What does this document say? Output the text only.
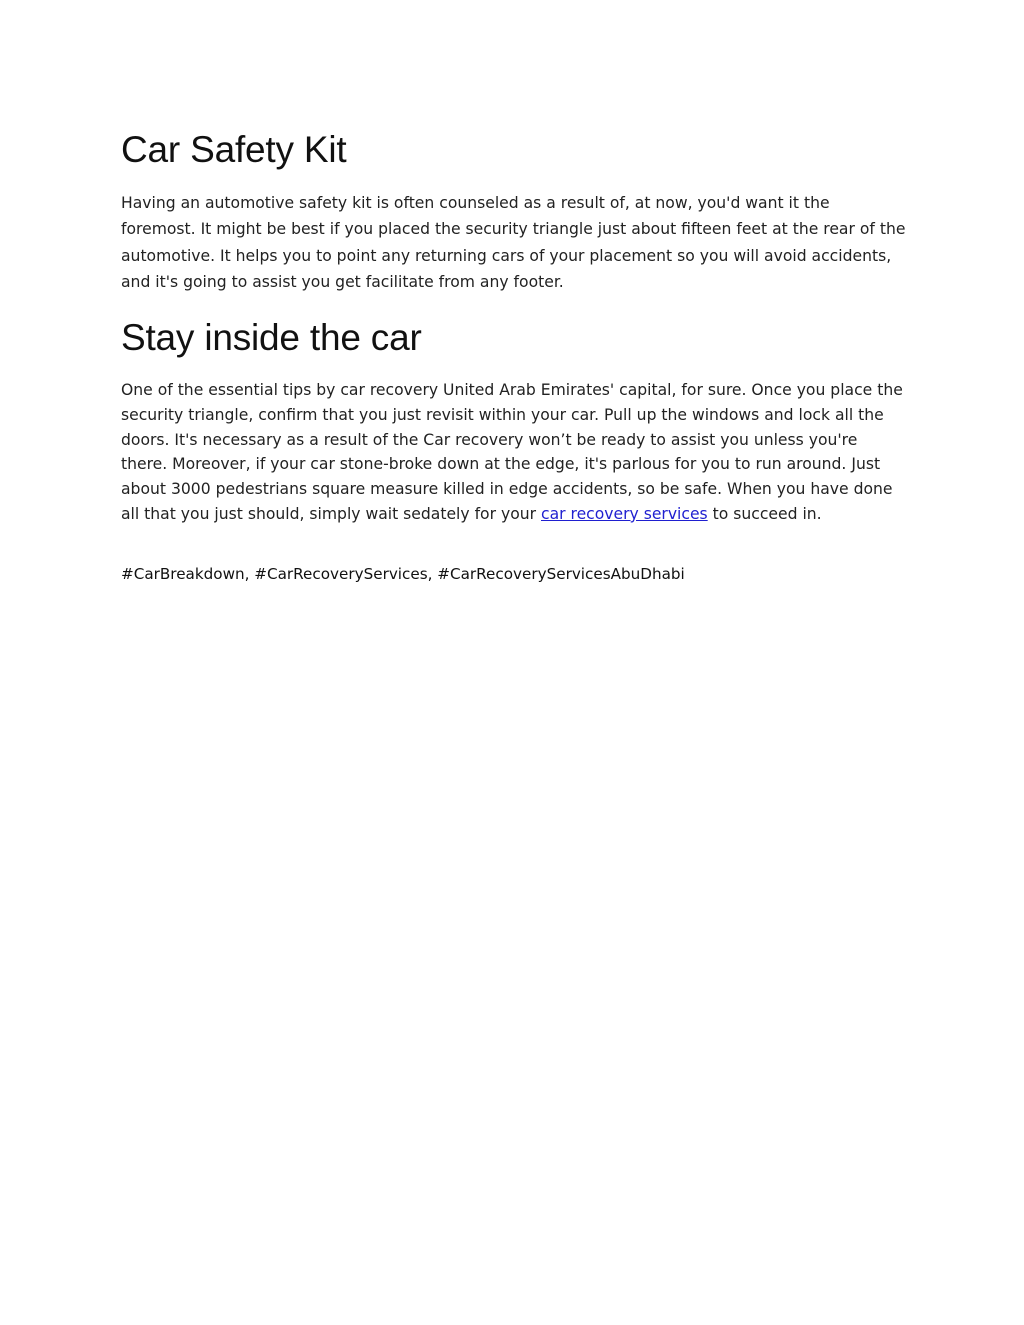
Car Safety Kit

Having an automotive safety kit is often counseled as a result of, at now, you'd want it the foremost. It might be best if you placed the security triangle just about fifteen feet at the rear of the automotive. It helps you to point any returning cars of your placement so you will avoid accidents, and it's going to assist you get facilitate from any footer.

Stay inside the car

One of the essential tips by car recovery United Arab Emirates' capital, for sure. Once you place the security triangle, confirm that you just revisit within your car. Pull up the windows and lock all the doors. It's necessary as a result of the Car recovery won’t be ready to assist you unless you're there. Moreover, if your car stone-broke down at the edge, it's parlous for you to run around. Just about 3000 pedestrians square measure killed in edge accidents, so be safe. When you have done all that you just should, simply wait sedately for your car recovery services to succeed in.

#CarBreakdown, #CarRecoveryServices, #CarRecoveryServicesAbuDhabi
